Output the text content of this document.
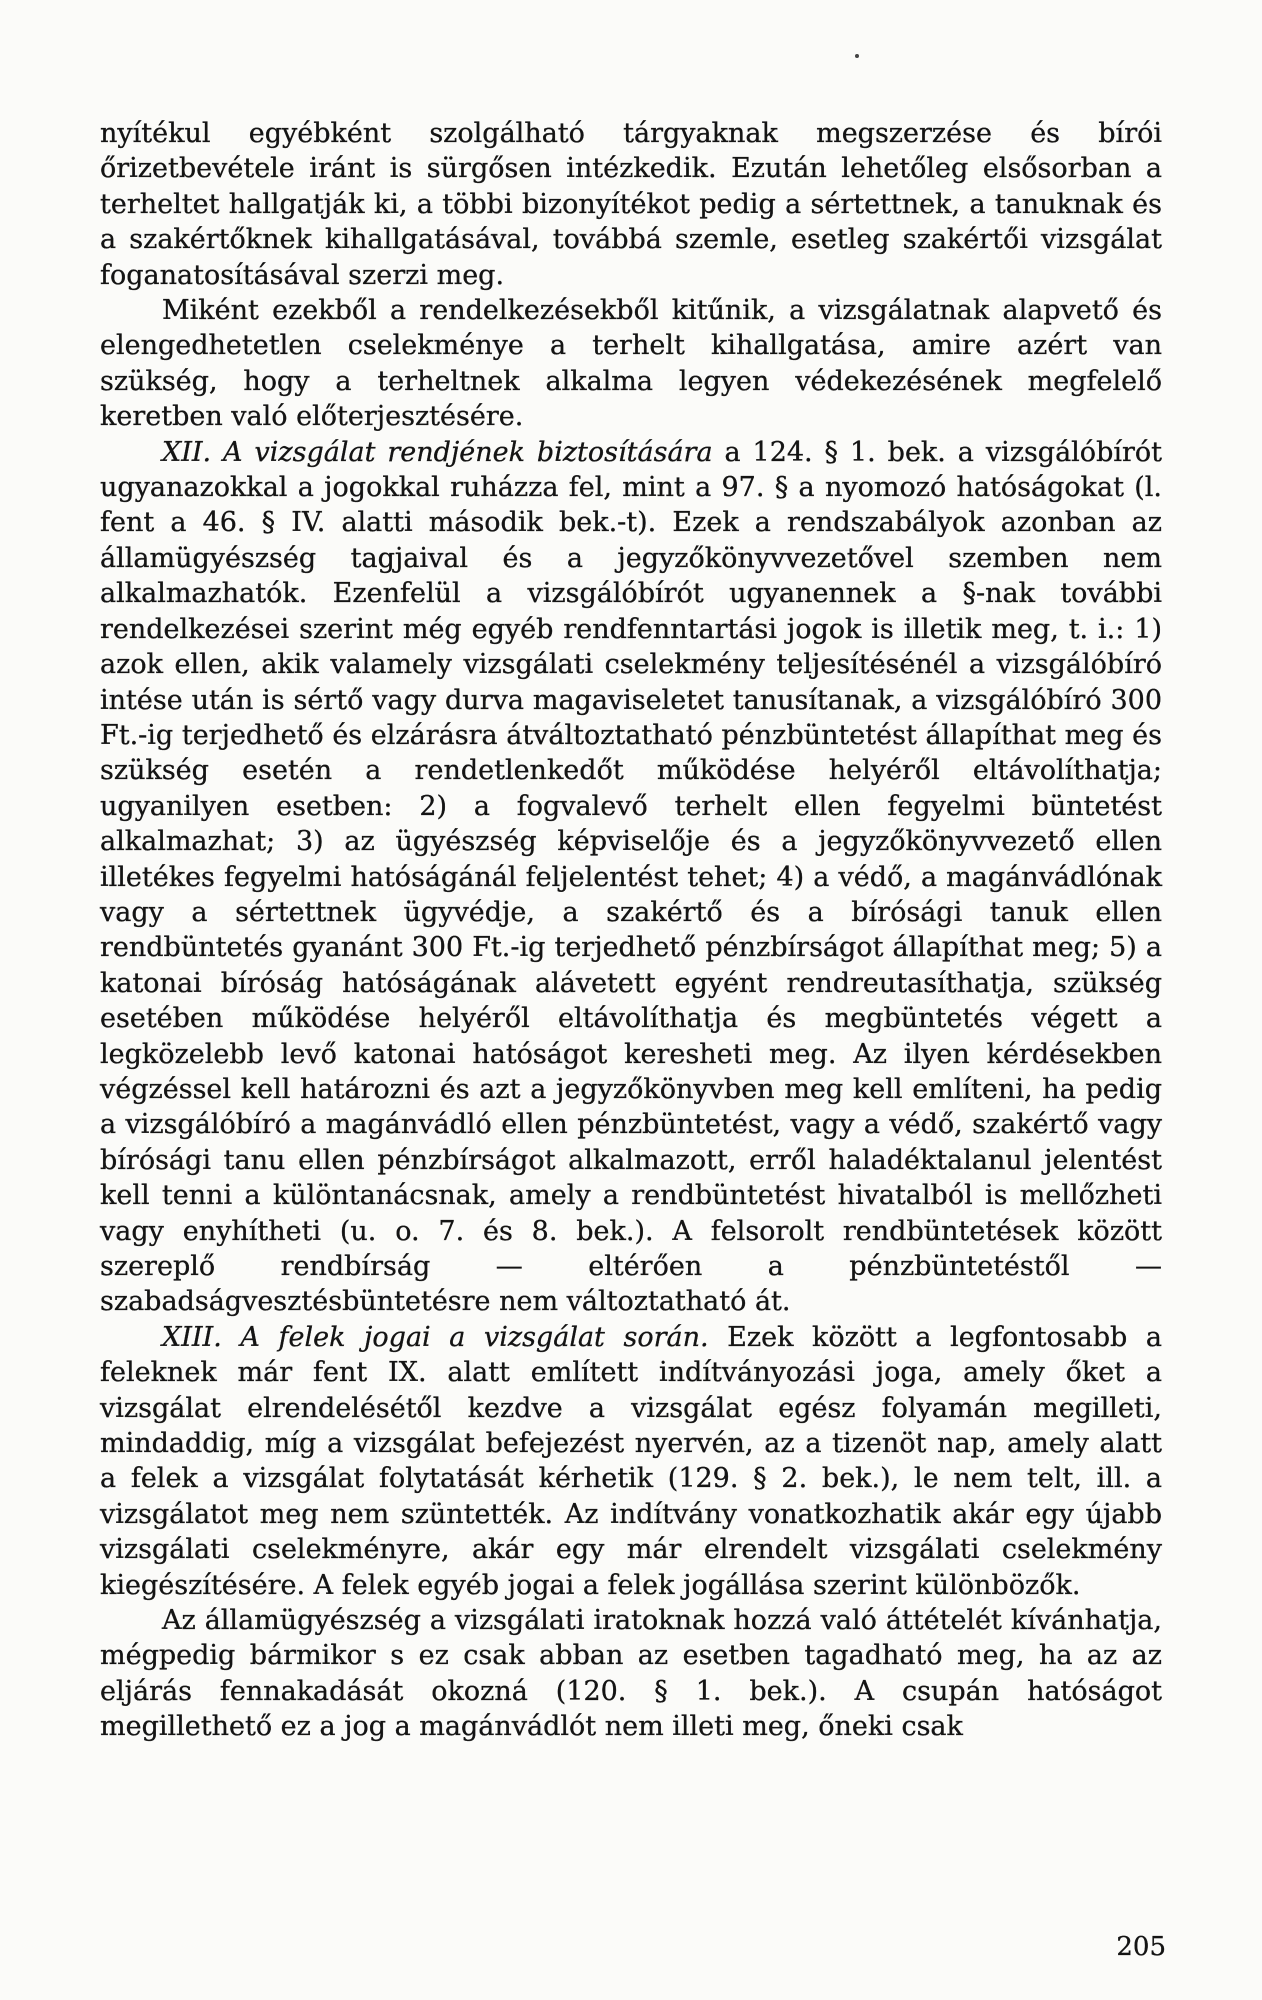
nyítékul egyébként szolgálható tárgyaknak megszerzése és bírói őrizetbevétele iránt is sürgősen intézkedik. Ezután lehetőleg elsősorban a terheltet hallgatják ki, a többi bizonyítékot pedig a sértettnek, a tanuknak és a szakértőknek kihallgatásával, továbbá szemle, esetleg szakértői vizsgálat foganatosításával szerzi meg.

Miként ezekből a rendelkezésekből kitűnik, a vizsgálatnak alapvető és elengedhetetlen cselekménye a terhelt kihallgatása, amire azért van szükség, hogy a terheltnek alkalma legyen védekezésének megfelelő keretben való előterjesztésére.

XII. A vizsgálat rendjének biztosítására a 124. § 1. bek. a vizsgálóbírót ugyanazokkal a jogokkal ruházza fel, mint a 97. § a nyomozó hatóságokat (l. fent a 46. § IV. alatti második bek.-t). Ezek a rendszabályok azonban az államügyészség tagjaival és a jegyzőkönyvvezetővel szemben nem alkalmazhatók. Ezenfelül a vizsgálóbírót ugyanennek a §-nak további rendelkezései szerint még egyéb rendfenntartási jogok is illetik meg, t. i.: 1) azok ellen, akik valamely vizsgálati cselekmény teljesítésénél a vizsgálóbíró intése után is sértő vagy durva magaviseletet tanusítanak, a vizsgálóbíró 300 Ft.-ig terjedhető és elzárásra átváltoztatható pénzbüntetést állapíthat meg és szükség esetén a rendetlenkedőt működése helyéről eltávolíthatja; ugyanilyen esetben: 2) a fogvalevő terhelt ellen fegyelmi büntetést alkalmazhat; 3) az ügyészség képviselője és a jegyzőkönyvvezető ellen illetékes fegyelmi hatóságánál feljelentést tehet; 4) a védő, a magánvádlónak vagy a sértettnek ügyvédje, a szakértő és a bírósági tanuk ellen rendbüntetés gyanánt 300 Ft.-ig terjedhető pénzbírságot állapíthat meg; 5) a katonai bíróság hatóságának alávetett egyént rendreutasíthatja, szükség esetében működése helyéről eltávolíthatja és megbüntetés végett a legközelebb levő katonai hatóságot keresheti meg. Az ilyen kérdésekben végzéssel kell határozni és azt a jegyzőkönyvben meg kell említeni, ha pedig a vizsgálóbíró a magánvádló ellen pénzbüntetést, vagy a védő, szakértő vagy bírósági tanu ellen pénzbírságot alkalmazott, erről haladéktalanul jelentést kell tenni a különtanácsnak, amely a rendbüntetést hivatalból is mellőzheti vagy enyhítheti (u. o. 7. és 8. bek.). A felsorolt rendbüntetések között szereplő rendbírság — eltérően a pénzbüntetéstől — szabadságvesztésbüntetésre nem változtatható át.

XIII. A felek jogai a vizsgálat során. Ezek között a legfontosabb a feleknek már fent IX. alatt említett indítványozási joga, amely őket a vizsgálat elrendelésétől kezdve a vizsgálat egész folyamán megilleti, mindaddig, míg a vizsgálat befejezést nyervén, az a tizenöt nap, amely alatt a felek a vizsgálat folytatását kérhetik (129. § 2. bek.), le nem telt, ill. a vizsgálatot meg nem szüntették. Az indítvány vonatkozhatik akár egy újabb vizsgálati cselekményre, akár egy már elrendelt vizsgálati cselekmény kiegészítésére. A felek egyéb jogai a felek jogállása szerint különbözők.

Az államügyészség a vizsgálati iratoknak hozzá való áttételét kívánhatja, mégpedig bármikor s ez csak abban az esetben tagadható meg, ha az az eljárás fennakadását okozná (120. § 1. bek.). A csupán hatóságot megillethető ez a jog a magánvádlót nem illeti meg, őneki csak

205
